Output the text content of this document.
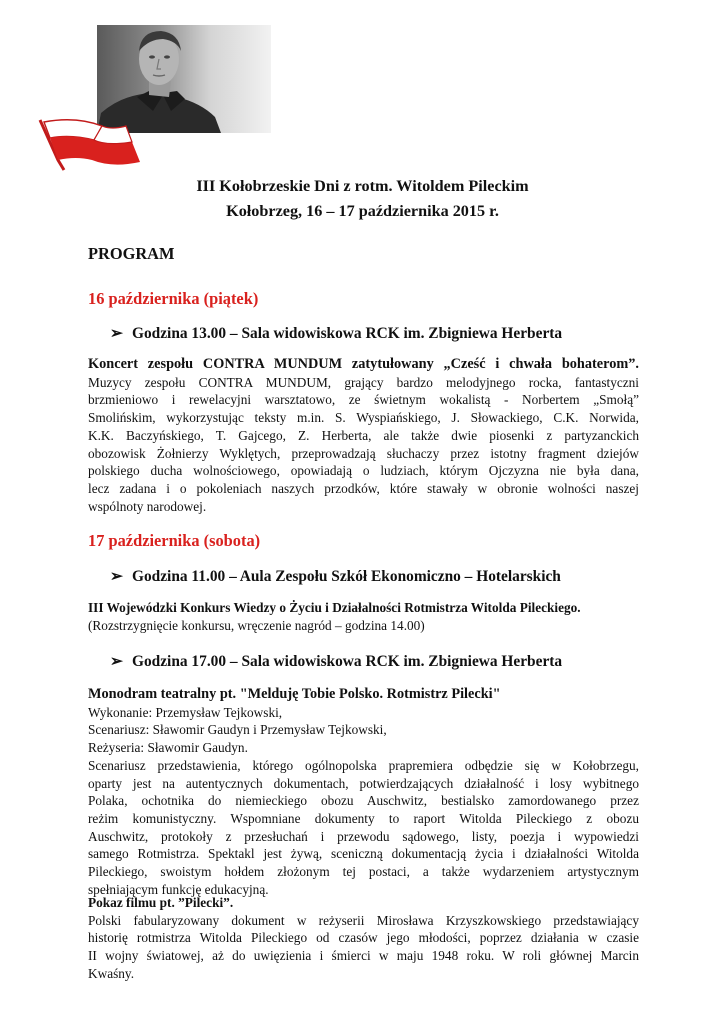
III Kołobrzeskie Dni z rotm. Witoldem Pileckim
Kołobrzeg, 16 – 17 października 2015 r.
PROGRAM
16 października (piątek)
➢ Godzina 13.00 – Sala widowiskowa RCK im. Zbigniewa Herberta
Koncert zespołu CONTRA MUNDUM zatytułowany „Cześć i chwała bohaterom”.
Muzycy zespołu CONTRA MUNDUM, grający bardzo melodyjnego rocka, fantastyczni
brzmieniowo i rewelacyjni warsztatowo, ze świetnym wokalistą - Norbertem „Smołą”
Smolińskim, wykorzystując teksty m.in. S. Wyspiańskiego, J. Słowackiego, C.K. Norwida,
K.K. Baczyńskiego, T. Gajcego, Z. Herberta, ale także dwie piosenki z partyzanckich
obozowisk Żołnierzy Wyklętych, przeprowadzają słuchaczy przez istotny fragment dziejów
polskiego ducha wolnościowego, opowiadają o ludziach, którym Ojczyzna nie była dana,
lecz zadana i o pokoleniach naszych przodków, które stawały w obronie wolności naszej
wspólnoty narodowej.
17 października (sobota)
➢ Godzina 11.00 – Aula Zespołu Szkół Ekonomiczno – Hotelarskich
III Wojewódzki Konkurs Wiedzy o Życiu i Działalności Rotmistrza Witolda Pileckiego.
(Rozstrzygnięcie konkursu, wręczenie nagród – godzina 14.00)
➢ Godzina 17.00 – Sala widowiskowa RCK im. Zbigniewa Herberta
Monodram teatralny pt. "Melduję Tobie Polsko. Rotmistrz Pilecki"
Wykonanie: Przemysław Tejkowski,
Scenariusz: Sławomir Gaudyn i Przemysław Tejkowski,
Reżyseria: Sławomir Gaudyn.
Scenariusz przedstawienia, którego ogólnopolska prapremiera odbędzie się w Kołobrzegu,
oparty jest na autentycznych dokumentach, potwierdzających działalność i losy wybitnego
Polaka, ochotnika do niemieckiego obozu Auschwitz, bestialsko zamordowanego przez
reżim komunistyczny. Wspomniane dokumenty to raport Witolda Pileckiego z obozu
Auschwitz, protokoły z przesłuchań i przewodu sądowego, listy, poezja i wypowiedzi
samego Rotmistrza. Spektakl jest żywą, sceniczną dokumentacją życia i działalności Witolda
Pileckiego, swoistym hołdem złożonym tej postaci, a także wydarzeniem artystycznym
spełniającym funkcję edukacyjną.
Pokaz filmu pt. ”Pilecki”.
Polski fabularyzowany dokument w reżyserii Mirosława Krzyszkowskiego przedstawiający
historię rotmistrza Witolda Pileckiego od czasów jego młodości, poprzez działania w czasie
II wojny światowej, aż do uwięzienia i śmierci w maju 1948 roku. W roli głównej Marcin
Kwaśny.
